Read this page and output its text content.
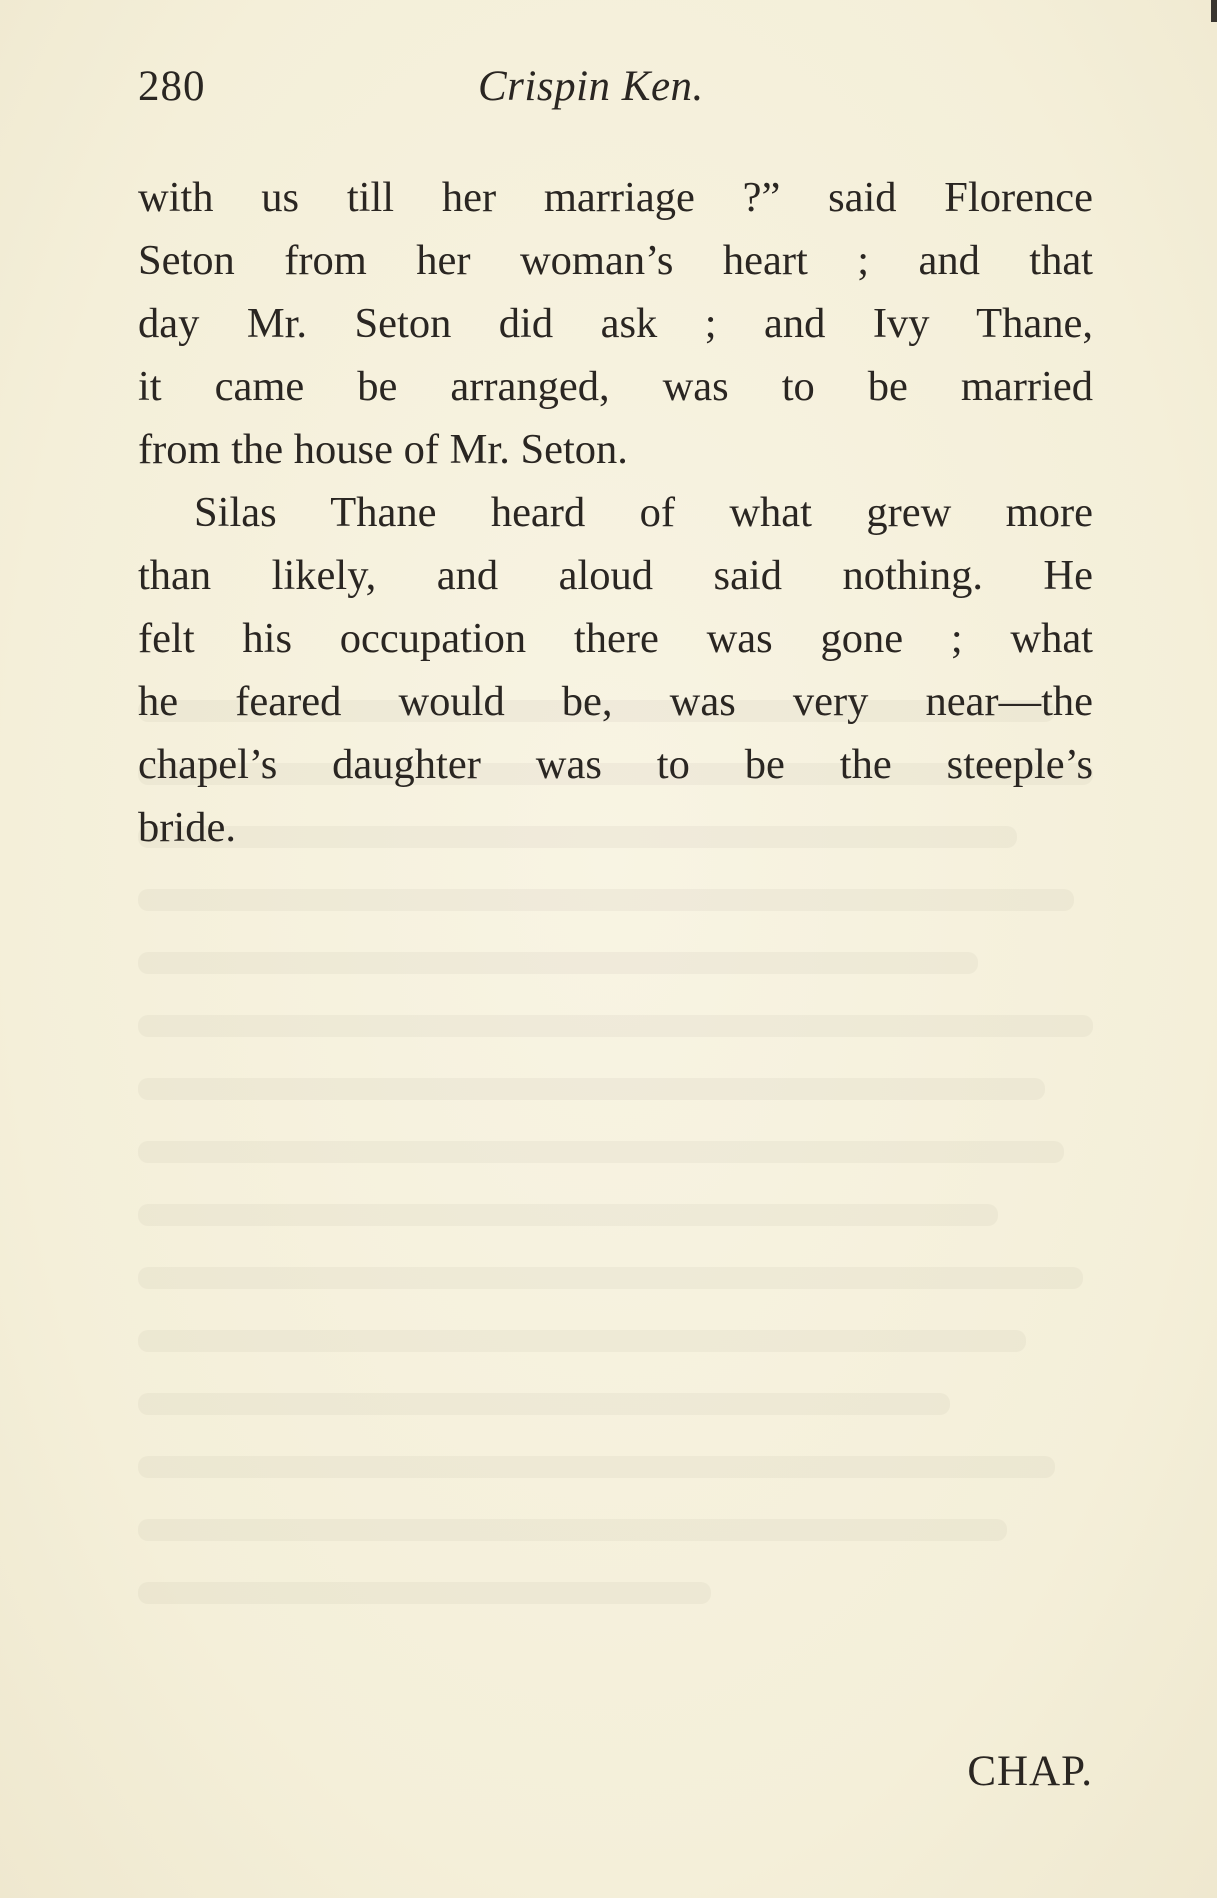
280	Crispin Ken.
with us till her marriage ?” said Florence
Seton from her woman’s heart ; and that
day Mr. Seton did ask ; and Ivy Thane,
it came be arranged, was to be married
from the house of Mr. Seton.
Silas Thane heard of what grew more
than likely, and aloud said nothing. He
felt his occupation there was gone ; what
he feared would be, was very near—the
chapel’s daughter was to be the steeple’s
bride.
CHAP.
